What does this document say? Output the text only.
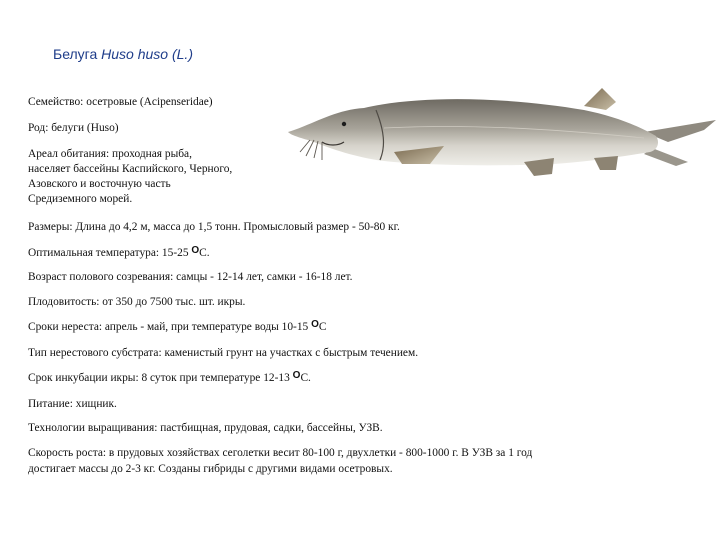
Белуга Huso huso (L.)
Семейство: осетровые (Acipenseridae)
Род: белуги (Huso)
Ареал обитания: проходная рыба,
населяет бассейны Каспийского, Черного,
Азовского и восточную часть
Средиземного морей.
Размеры: Длина до 4,2 м, масса до 1,5 тонн. Промысловый размер - 50-80 кг.
Оптимальная температура: 15-25 ОС.
Возраст полового созревания: самцы - 12-14 лет, самки - 16-18 лет.
Плодовитость: от 350 до 7500 тыс. шт. икры.
Сроки нереста: апрель - май, при температуре воды 10-15 ОС
Тип нерестового субстрата: каменистый грунт на участках с быстрым течением.
Срок инкубации икры: 8 суток при температуре 12-13 ОС.
Питание: хищник.
Технологии выращивания: пастбищная, прудовая, садки, бассейны, УЗВ.
Скорость роста: в прудовых хозяйствах сеголетки весит 80-100 г, двухлетки - 800-1000 г. В УЗВ за 1 год
достигает массы до 2-3 кг. Созданы гибриды с другими видами осетровых.
